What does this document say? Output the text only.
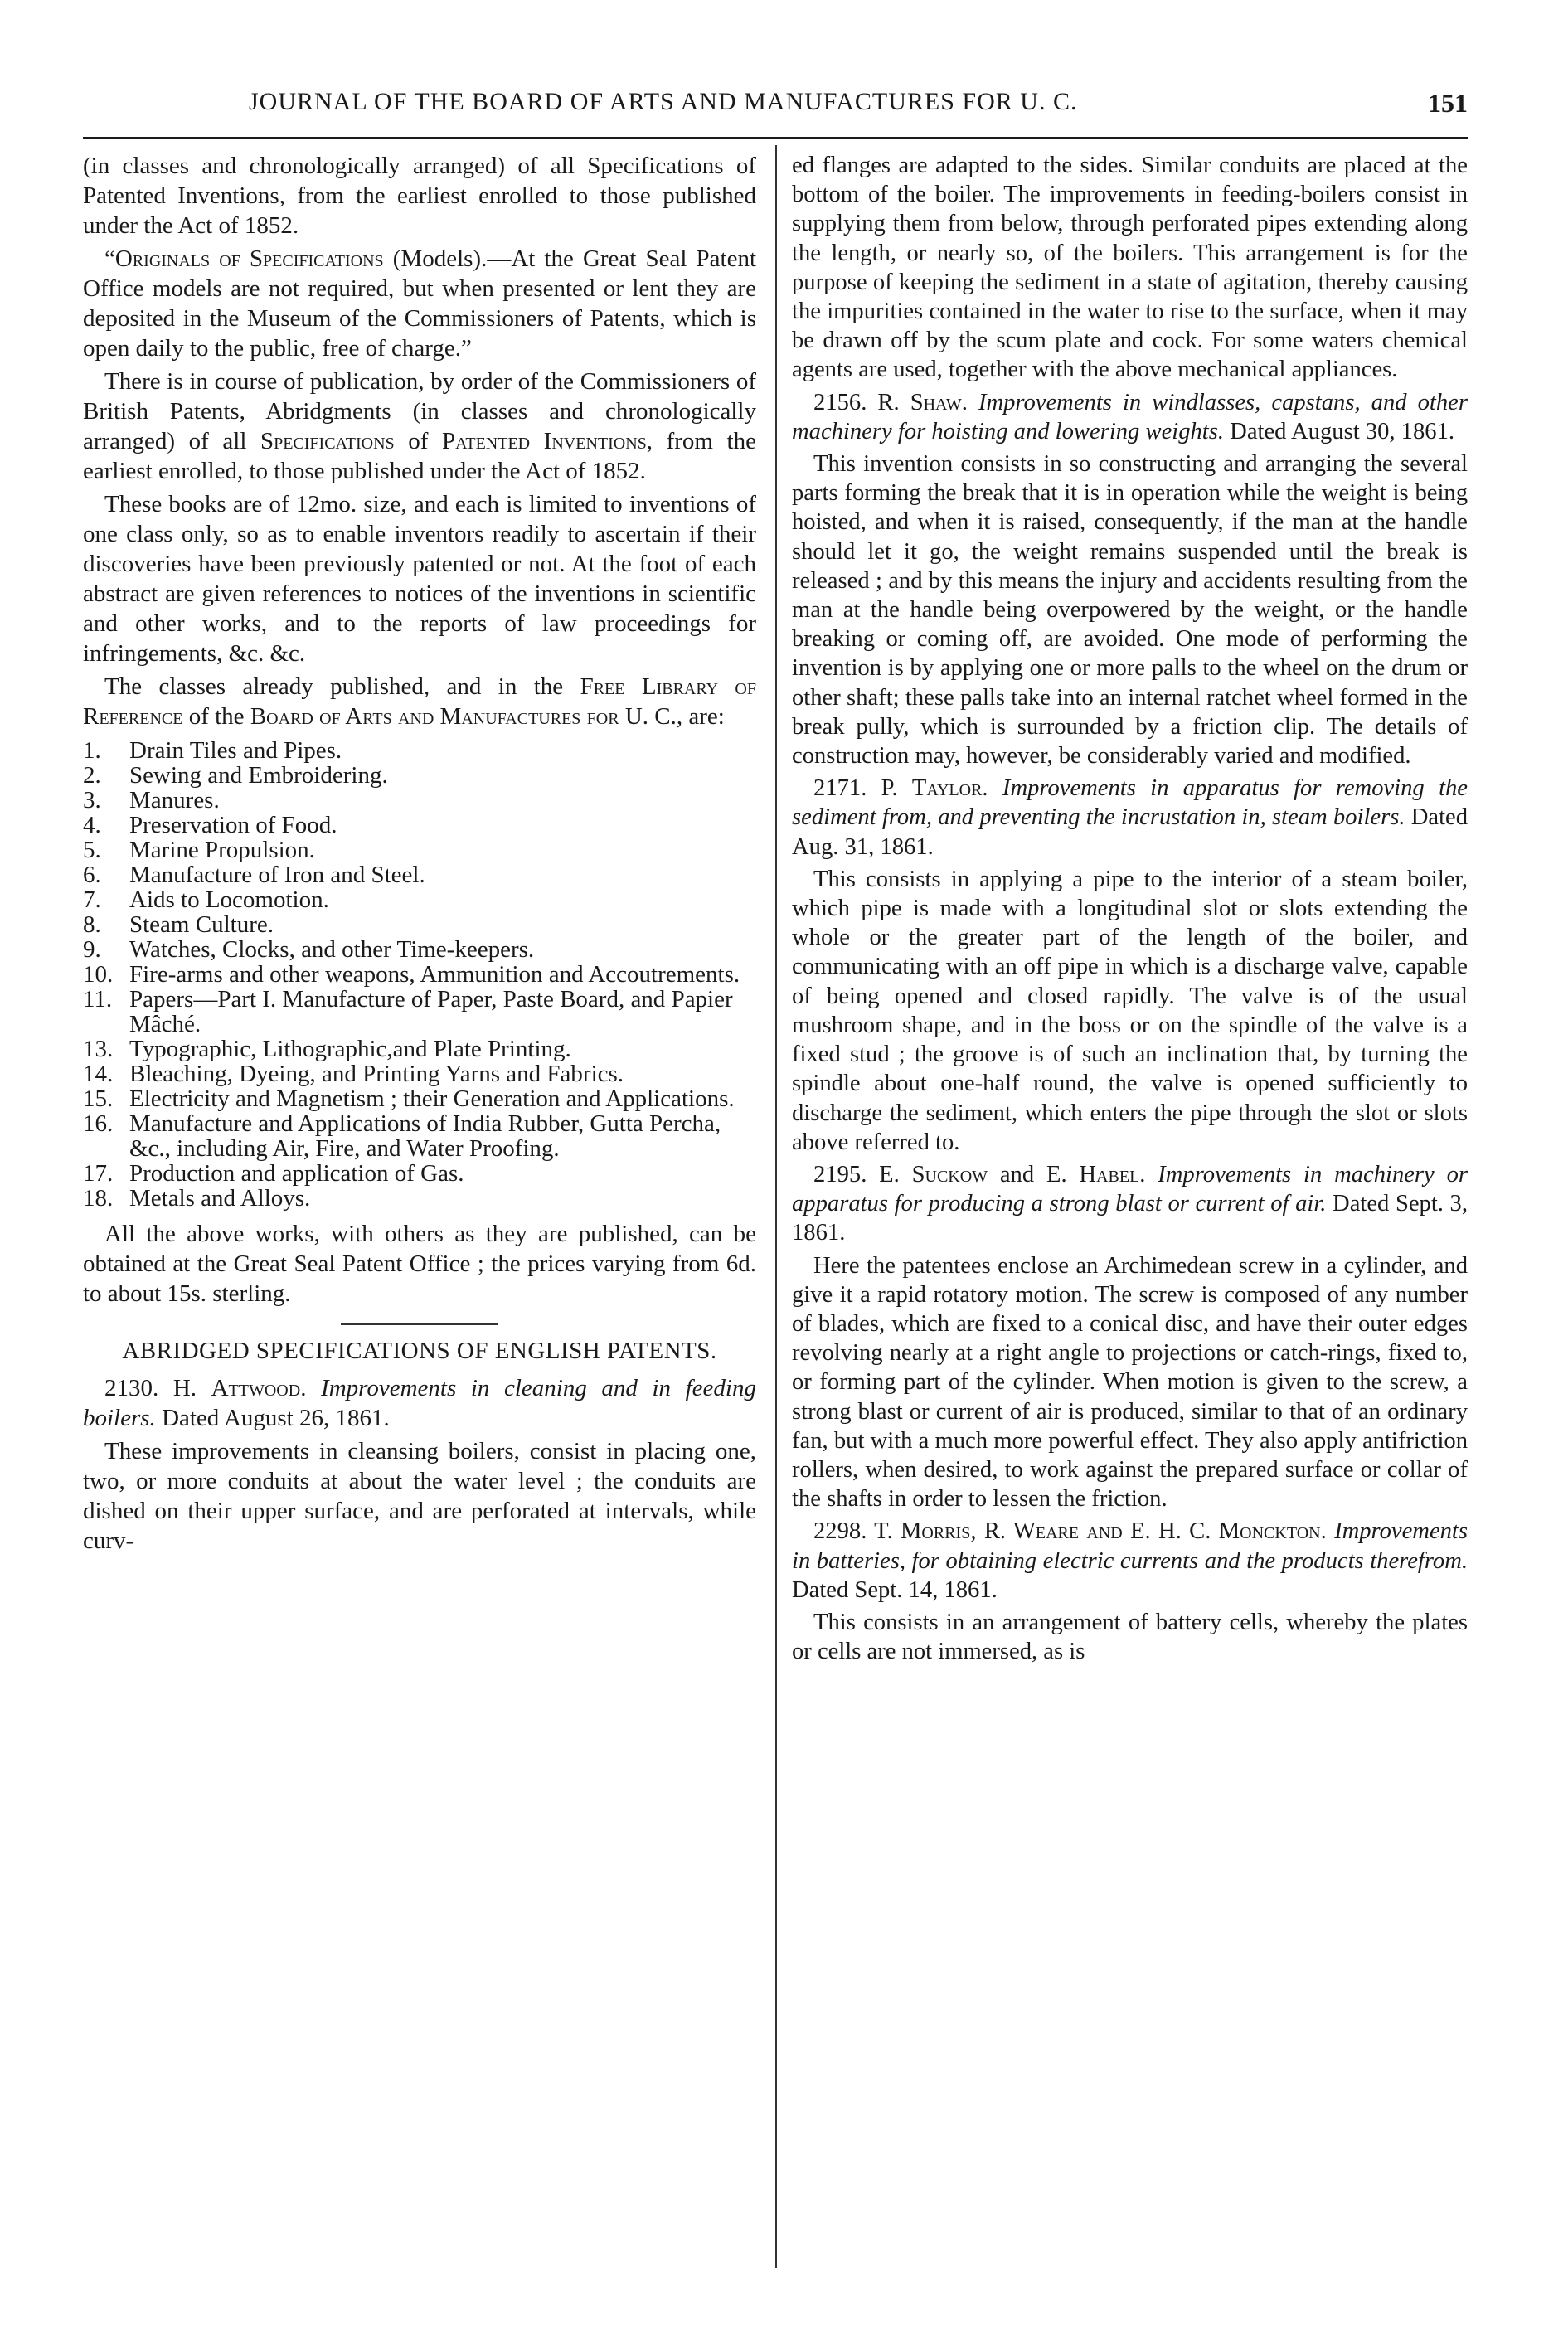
JOURNAL OF THE BOARD OF ARTS AND MANUFACTURES FOR U. C.	151

(in classes and chronologically arranged) of all Specifications of Patented Inventions, from the earliest enrolled to those published under the Act of 1852.

“Originals of Specifications (Models).—At the Great Seal Patent Office models are not required, but when presented or lent they are deposited in the Museum of the Commissioners of Patents, which is open daily to the public, free of charge.”

There is in course of publication, by order of the Commissioners of British Patents, Abridgments (in classes and chronologically arranged) of all Specifications of Patented Inventions, from the earliest enrolled, to those published under the Act of 1852.

These books are of 12mo. size, and each is limited to inventions of one class only, so as to enable inventors readily to ascertain if their discoveries have been previously patented or not. At the foot of each abstract are given references to notices of the inventions in scientific and other works, and to the reports of law proceedings for infringements, &c. &c.

The classes already published, and in the Free Library of Reference of the Board of Arts and Manufactures for U. C., are:

1.	Drain Tiles and Pipes.
2.	Sewing and Embroidering.
3.	Manures.
4.	Preservation of Food.
5.	Marine Propulsion.
6.	Manufacture of Iron and Steel.
7.	Aids to Locomotion.
8.	Steam Culture.
9.	Watches, Clocks, and other Time-keepers.
10. Fire-arms and other weapons, Ammunition and Accoutrements.
11. Papers—Part I. Manufacture of Paper, Paste Board, and Papier Mâché.
13. Typographic, Lithographic,and Plate Printing.
14. Bleaching, Dyeing, and Printing Yarns and Fabrics.
15. Electricity and Magnetism ; their Generation and Applications.
16. Manufacture and Applications of India Rubber, Gutta Percha, &c., including Air, Fire, and Water Proofing.
17. Production and application of Gas.
18. Metals and Alloys.

All the above works, with others as they are published, can be obtained at the Great Seal Patent Office ; the prices varying from 6d. to about 15s. sterling.

ABRIDGED SPECIFICATIONS OF ENGLISH PATENTS.

2130. H. Attwood. Improvements in cleaning and in feeding boilers. Dated August 26, 1861.

These improvements in cleansing boilers, consist in placing one, two, or more conduits at about the water level ; the conduits are dished on their upper surface, and are perforated at intervals, while curv-

ed flanges are adapted to the sides. Similar conduits are placed at the bottom of the boiler. The improvements in feeding-boilers consist in supplying them from below, through perforated pipes extending along the length, or nearly so, of the boilers. This arrangement is for the purpose of keeping the sediment in a state of agitation, thereby causing the impurities contained in the water to rise to the surface, when it may be drawn off by the scum plate and cock. For some waters chemical agents are used, together with the above mechanical appliances.

2156. R. Shaw. Improvements in windlasses, capstans, and other machinery for hoisting and lowering weights. Dated August 30, 1861.

This invention consists in so constructing and arranging the several parts forming the break that it is in operation while the weight is being hoisted, and when it is raised, consequently, if the man at the handle should let it go, the weight remains suspended until the break is released ; and by this means the injury and accidents resulting from the man at the handle being overpowered by the weight, or the handle breaking or coming off, are avoided. One mode of performing the invention is by applying one or more palls to the wheel on the drum or other shaft; these palls take into an internal ratchet wheel formed in the break pully, which is surrounded by a friction clip. The details of construction may, however, be considerably varied and modified.

2171. P. Taylor. Improvements in apparatus for removing the sediment from, and preventing the incrustation in, steam boilers. Dated Aug. 31, 1861.

This consists in applying a pipe to the interior of a steam boiler, which pipe is made with a longitudinal slot or slots extending the whole or the greater part of the length of the boiler, and communicating with an off pipe in which is a discharge valve, capable of being opened and closed rapidly. The valve is of the usual mushroom shape, and in the boss or on the spindle of the valve is a fixed stud ; the groove is of such an inclination that, by turning the spindle about one-half round, the valve is opened sufficiently to discharge the sediment, which enters the pipe through the slot or slots above referred to.

2195. E. Suckow and E. Habel. Improvements in machinery or apparatus for producing a strong blast or current of air. Dated Sept. 3, 1861.

Here the patentees enclose an Archimedean screw in a cylinder, and give it a rapid rotatory motion. The screw is composed of any number of blades, which are fixed to a conical disc, and have their outer edges revolving nearly at a right angle to projections or catch-rings, fixed to, or forming part of the cylinder. When motion is given to the screw, a strong blast or current of air is produced, similar to that of an ordinary fan, but with a much more powerful effect. They also apply antifriction rollers, when desired, to work against the prepared surface or collar of the shafts in order to lessen the friction.

2298. T. Morris, R. Weare and E. H. C. Monckton. Improvements in batteries, for obtaining electric currents and the products therefrom. Dated Sept. 14, 1861.

This consists in an arrangement of battery cells, whereby the plates or cells are not immersed, as is
